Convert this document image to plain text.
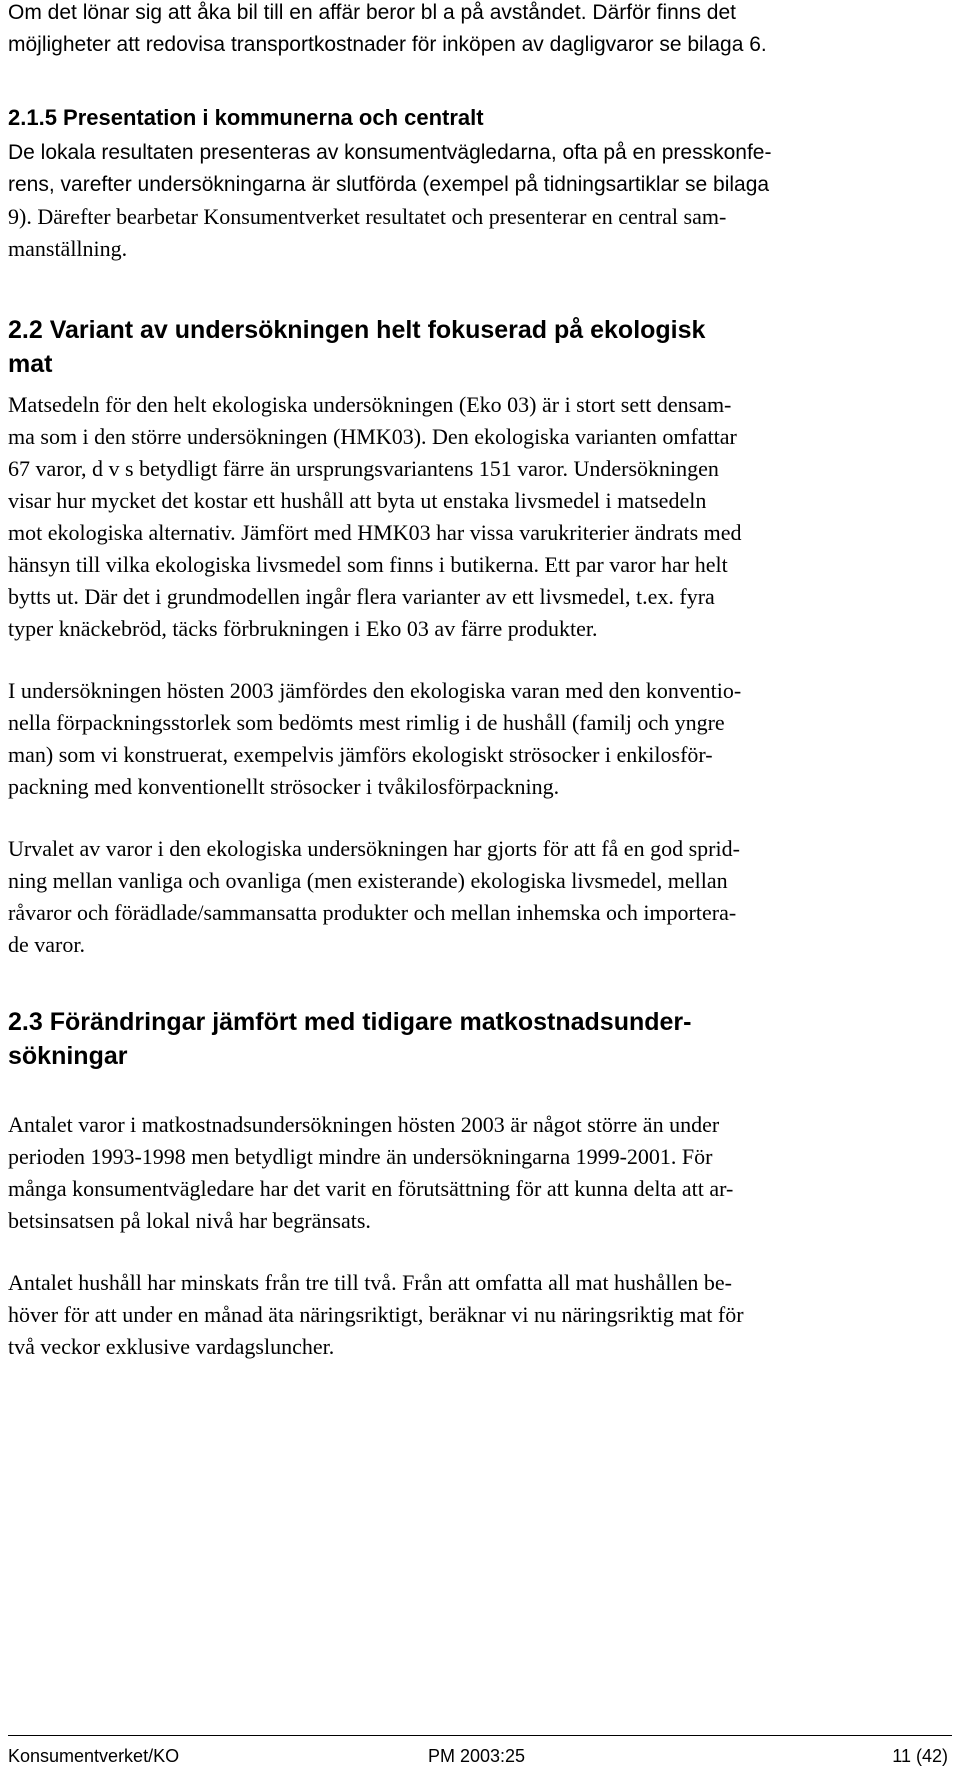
Om det lönar sig att åka bil till en affär beror bl a på avståndet. Därför finns det

möjligheter att redovisa transportkostnader för inköpen av dagligvaror se bilaga 6.

2.1.5 Presentation i kommunerna och centralt

De lokala resultaten presenteras av konsumentvägledarna, ofta på en presskonfe-

rens, varefter undersökningarna är slutförda (exempel på tidningsartiklar se bilaga

9). Därefter bearbetar Konsumentverket resultatet och presenterar en central sam-

manställning.

2.2 Variant av undersökningen helt fokuserad på ekologisk

mat

Matsedeln för den helt ekologiska undersökningen (Eko 03) är i stort sett densam-

ma som i den större undersökningen (HMK03). Den ekologiska varianten omfattar

67 varor, d v s betydligt färre än ursprungsvariantens 151 varor. Undersökningen

visar hur mycket det kostar ett hushåll att byta ut enstaka livsmedel i matsedeln

mot ekologiska alternativ. Jämfört med HMK03 har vissa varukriterier ändrats med

hänsyn till vilka ekologiska livsmedel som finns i butikerna. Ett par varor har helt

bytts ut. Där det i grundmodellen ingår flera varianter av ett livsmedel, t.ex. fyra

typer knäckebröd, täcks förbrukningen i Eko 03 av färre produkter.

I undersökningen hösten 2003 jämfördes den ekologiska varan med den konventio-

nella förpackningsstorlek som bedömts mest rimlig i de hushåll (familj och yngre

man) som vi konstruerat, exempelvis jämförs ekologiskt strösocker i enkilosför-

packning med konventionellt strösocker i tvåkilosförpackning.

Urvalet av varor i den ekologiska undersökningen har gjorts för att få en god sprid-

ning mellan vanliga och ovanliga (men existerande) ekologiska livsmedel, mellan

råvaror och förädlade/sammansatta produkter och mellan inhemska och importera-

de varor.

2.3 Förändringar jämfört med tidigare matkostnadsunder-

sökningar

Antalet varor i matkostnadsundersökningen hösten 2003 är något större än under

perioden 1993-1998 men betydligt mindre än undersökningarna 1999-2001. För

många konsumentvägledare har det varit en förutsättning för att kunna delta att ar-

betsinsatsen på lokal nivå har begränsats.

Antalet hushåll har minskats från tre till två. Från att omfatta all mat hushållen be-

höver för att under en månad äta näringsriktigt, beräknar vi nu näringsriktig mat för

två veckor exklusive vardagsluncher.

Konsumentverket/KO	PM 2003:25	11 (42)
